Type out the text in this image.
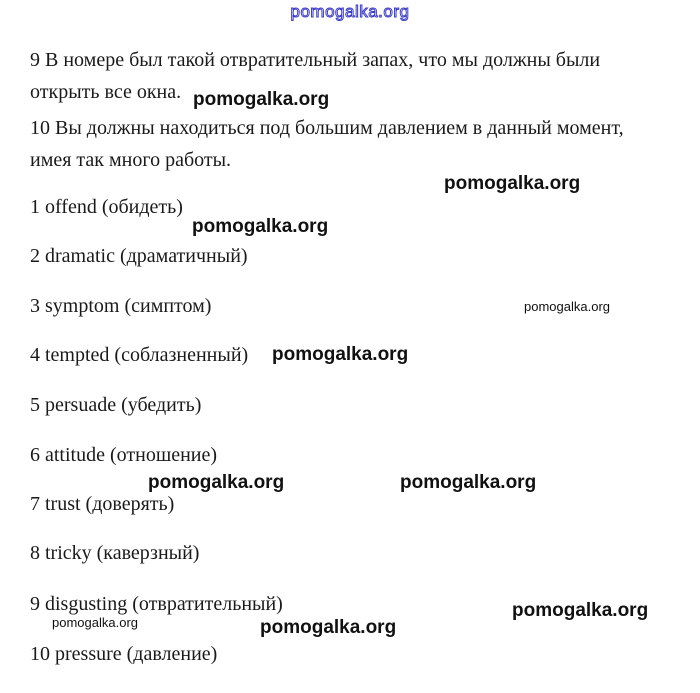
pomogalka.org

9 В номере был такой отвратительный запах, что мы должны были открыть все окна.

10 Вы должны находиться под большим давлением в данный момент, имея так много работы.

1 offend (обидеть)
2 dramatic (драматичный)
3 symptom (симптом)
4 tempted (соблазненный)
5 persuade (убедить)
6 attitude (отношение)
7 trust (доверять)
8 tricky (каверзный)
9 disgusting (отвратительный)
10 pressure (давление)
pomogalka.org
pomogalka.org
pomogalka.org
pomogalka.org
pomogalka.org
pomogalka.org	pomogalka.org
pomogalka.org
pomogalka.org	pomogalka.org
